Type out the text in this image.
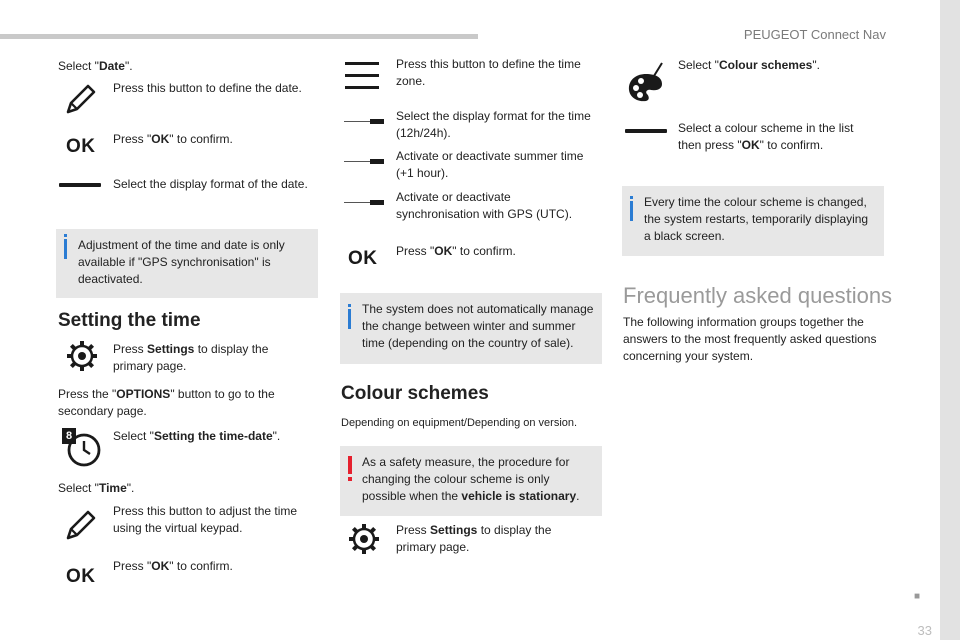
PEUGEOT Connect Nav
■
33
Select "Date".
Press this button to define the date.
OK Press "OK" to confirm.
Select the display format of the date.
Adjustment of the time and date is only available if "GPS synchronisation" is deactivated.
Setting the time
Press Settings to display the primary page.
Press the "OPTIONS" button to go to the secondary page.
8	Select "Setting the time-date".
Select "Time".
Press this button to adjust the time using the virtual keypad.
OK Press "OK" to confirm.
Press this button to define the time zone.
Select the display format for the time (12h/24h).
Activate or deactivate summer time (+1 hour).
Activate or deactivate synchronisation with GPS (UTC).
OK Press "OK" to confirm.
The system does not automatically manage the change between winter and summer time (depending on the country of sale).
Colour schemes
Depending on equipment/Depending on version.
As a safety measure, the procedure for changing the colour scheme is only possible when the vehicle is stationary.
Press Settings to display the primary page.
Select "Colour schemes".
Select a colour scheme in the list then press "OK" to confirm.
Every time the colour scheme is changed, the system restarts, temporarily displaying a black screen.
Frequently asked questions
The following information groups together the answers to the most frequently asked questions concerning your system.
